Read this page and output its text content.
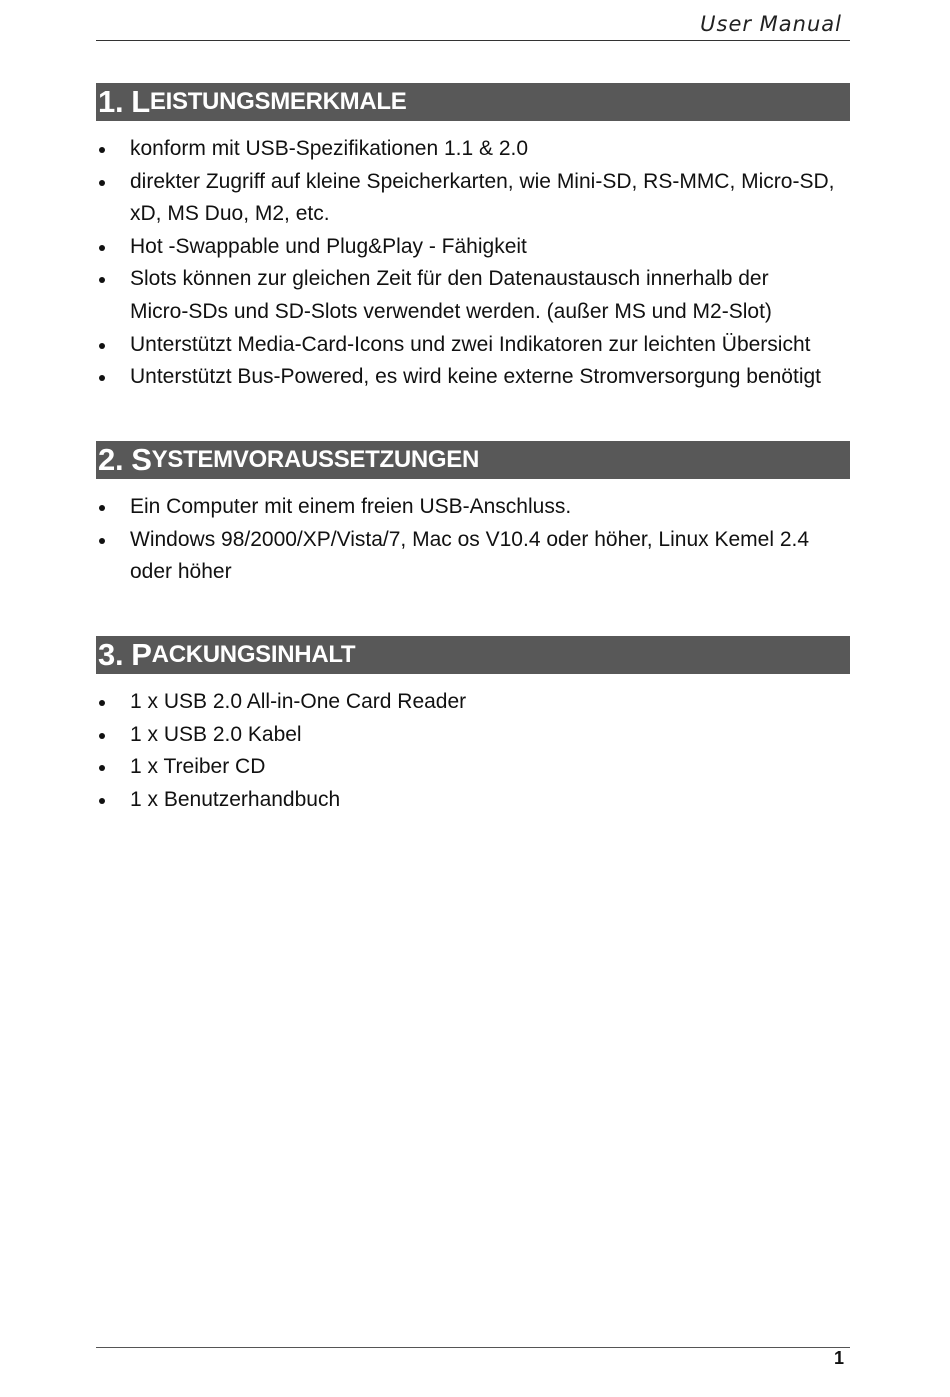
User Manual
1. L EISTUNGSMERKMALE
konform mit USB-Spezifikationen 1.1 & 2.0
direkter Zugriff auf kleine Speicherkarten, wie Mini-SD, RS-MMC, Micro-SD, xD, MS Duo, M2, etc.
Hot -Swappable und Plug&Play - Fähigkeit
Slots können zur gleichen Zeit für den Datenaustausch innerhalb der Micro-SDs und SD-Slots verwendet werden. (außer MS und M2-Slot)
Unterstützt Media-Card-Icons und zwei Indikatoren zur leichten Übersicht
Unterstützt Bus-Powered, es wird keine externe Stromversorgung benötigt
2. S YSTEMVORAUSSETZUNGEN
Ein Computer mit einem freien USB-Anschluss.
Windows 98/2000/XP/Vista/7, Mac os V10.4 oder höher, Linux Kemel 2.4 oder höher
3. P ACKUNGSINHALT
1 x USB 2.0 All-in-One Card Reader
1 x USB 2.0 Kabel
1 x Treiber CD
1 x Benutzerhandbuch
1
